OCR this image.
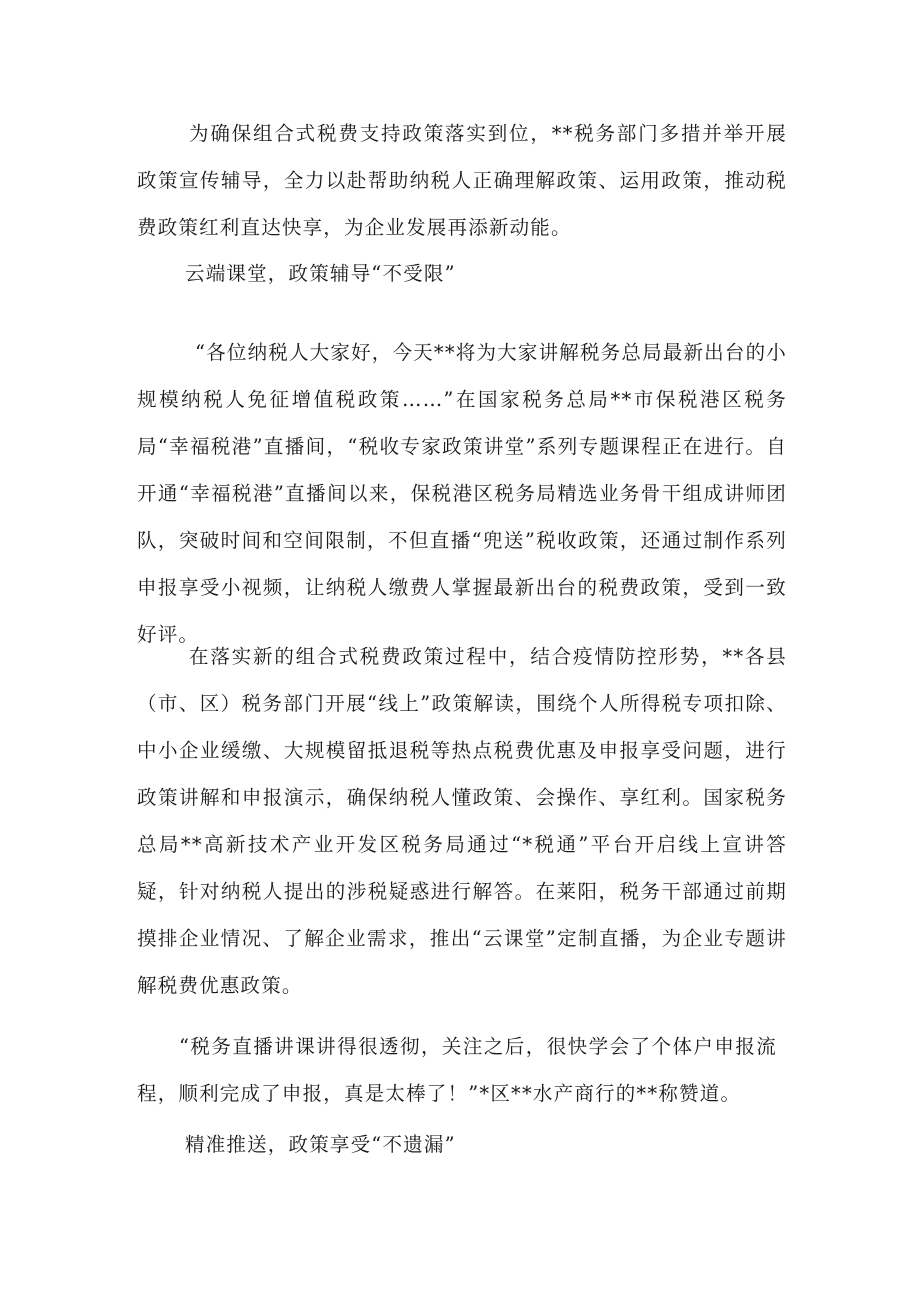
为确保组合式税费支持政策落实到位，**税务部门多措并举开展政策宣传辅导，全力以赴帮助纳税人正确理解政策、运用政策，推动税费政策红利直达快享，为企业发展再添新动能。

云端课堂，政策辅导“不受限”

“各位纳税人大家好，今天**将为大家讲解税务总局最新出台的小规模纳税人免征增值税政策……”在国家税务总局**市保税港区税务局“幸福税港”直播间，“税收专家政策讲堂”系列专题课程正在进行。自开通“幸福税港”直播间以来，保税港区税务局精选业务骨干组成讲师团队，突破时间和空间限制，不但直播“兜送”税收政策，还通过制作系列申报享受小视频，让纳税人缴费人掌握最新出台的税费政策，受到一致好评。

在落实新的组合式税费政策过程中，结合疫情防控形势，**各县（市、区）税务部门开展“线上”政策解读，围绕个人所得税专项扣除、中小企业缓缴、大规模留抵退税等热点税费优惠及申报享受问题，进行政策讲解和申报演示，确保纳税人懂政策、会操作、享红利。国家税务总局**高新技术产业开发区税务局通过“*税通”平台开启线上宣讲答疑，针对纳税人提出的涉税疑惑进行解答。在莱阳，税务干部通过前期摸排企业情况、了解企业需求，推出“云课堂”定制直播，为企业专题讲解税费优惠政策。

“税务直播讲课讲得很透彻，关注之后，很快学会了个体户申报流程，顺利完成了申报，真是太棒了！”*区**水产商行的**称赞道。

精准推送，政策享受“不遗漏”
